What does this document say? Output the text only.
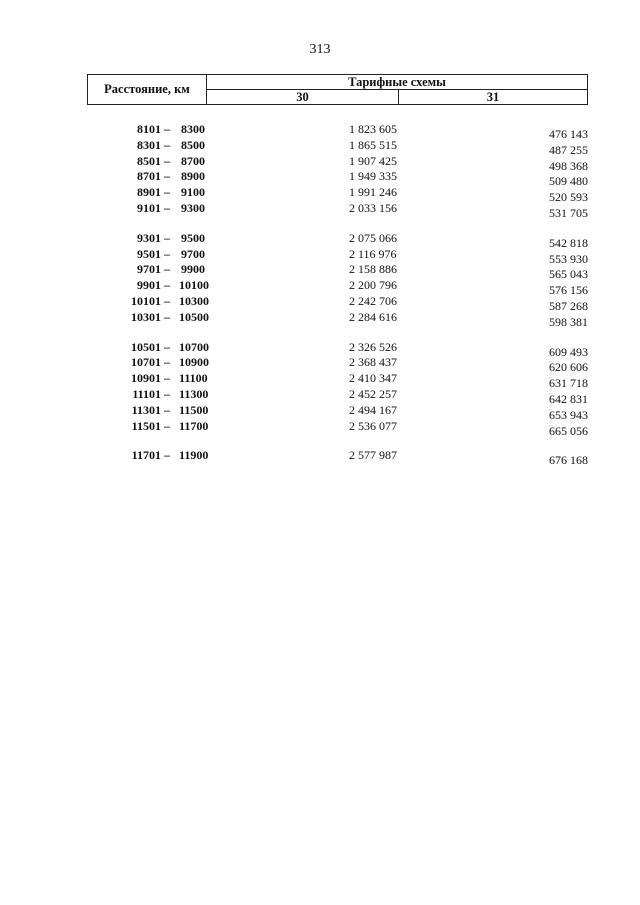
313
Расстояние, км	Тарифные схемы
30	31
8101 – 8300	1 823 605	476 143
8301 – 8500	1 865 515	487 255
8501 – 8700	1 907 425	498 368
8701 – 8900	1 949 335	509 480
8901 – 9100	1 991 246	520 593
9101 – 9300	2 033 156	531 705
9301 – 9500	2 075 066	542 818
9501 – 9700	2 116 976	553 930
9701 – 9900	2 158 886	565 043
9901 – 10100	2 200 796	576 156
10101 – 10300	2 242 706	587 268
10301 – 10500	2 284 616	598 381
10501 – 10700	2 326 526	609 493
10701 – 10900	2 368 437	620 606
10901 – 11100	2 410 347	631 718
11101 – 11300	2 452 257	642 831
11301 – 11500	2 494 167	653 943
11501 – 11700	2 536 077	665 056
11701 – 11900	2 577 987	676 168
